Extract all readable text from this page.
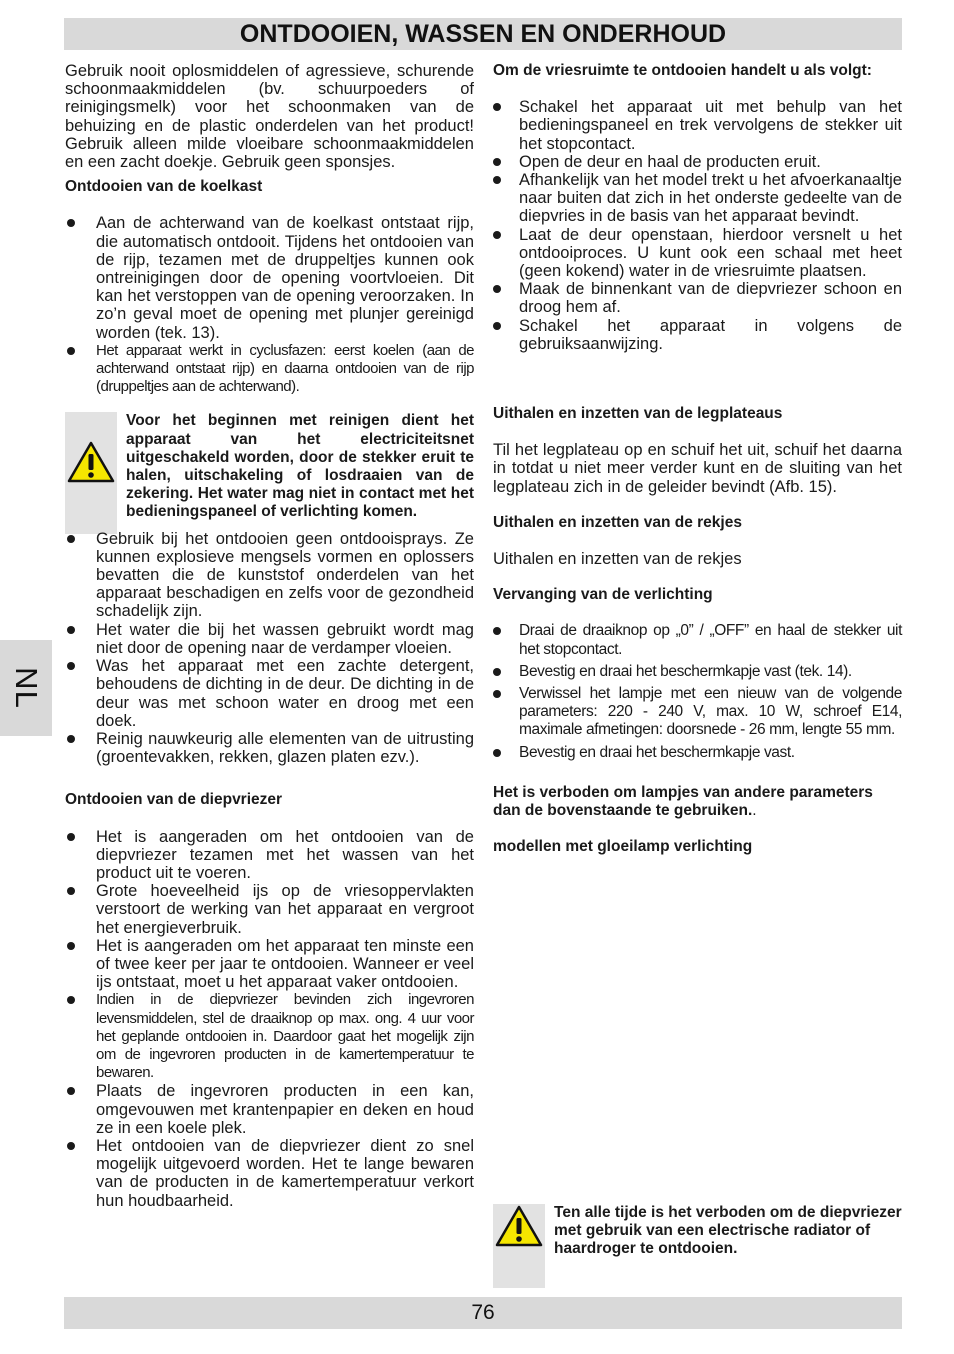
ONTDOOIEN, WASSEN EN ONDERHOUD
NL

Gebruik nooit oplosmiddelen of agressieve, schurende schoonmaakmiddelen (bv. schuurpoeders of reinigingsmelk) voor het schoonmaken van de behuizing en de plastic onderdelen van het product! Gebruik alleen milde vloeibare schoonmaakmiddelen en een zacht doekje. Gebruik geen sponsjes.

Ontdooien van de koelkast

Aan de achterwand van de koelkast ontstaat rijp, die automatisch ontdooit. Tijdens het ontdooien van de rijp, tezamen met de druppeltjes kunnen ook ontreinigingen door de opening voortvloeien. Dit kan het verstoppen van de opening veroorzaken. In zo’n geval moet de opening met plunjer gereinigd worden (tek. 13).
Het apparaat werkt in cyclusfazen: eerst koelen (aan de achterwand ontstaat rijp) en daarna ontdooien van de rijp (druppeltjes aan de achterwand).

Voor het beginnen met reinigen dient het apparaat van het electriciteitsnet uitgeschakeld worden, door de stekker eruit te halen, uitschakeling of losdraaien van de zekering. Het water mag niet in contact met het bedieningspaneel of verlichting komen.

Gebruik bij het ontdooien geen ontdooisprays. Ze kunnen explosieve mengsels vormen en oplossers bevatten die de kunststof onderdelen van het apparaat beschadigen en zelfs voor de gezondheid schadelijk zijn.
Het water die bij het wassen gebruikt wordt mag niet door de opening naar de verdamper vloeien.
Was het apparaat met een zachte detergent, behoudens de dichting in de deur. De dichting in de deur was met schoon water en droog met een doek.
Reinig nauwkeurig alle elementen van de uitrusting (groentevakken, rekken, glazen platen ezv.).

Ontdooien van de diepvriezer

Het is aangeraden om het ontdooien van de diepvriezer tezamen met het wassen van het product uit te voeren.
Grote hoeveelheid ijs op de vriesoppervlakten verstoort de werking van het apparaat en vergroot het energieverbruik.
Het is aangeraden om het apparaat ten minste een of twee keer per jaar te ontdooien. Wanneer er veel ijs ontstaat, moet u het apparaat vaker ontdooien.
Indien in de diepvriezer bevinden zich ingevroren levensmiddelen, stel de draaiknop op max. ong. 4 uur voor het geplande ontdooien in. Daardoor gaat het mogelijk zijn om de ingevroren producten in de kamertemperatuur te bewaren.
Plaats de ingevroren producten in een kan, omgevouwen met krantenpapier en deken en houd ze in een koele plek.
Het ontdooien van de diepvriezer dient zo snel mogelijk uitgevoerd worden. Het te lange bewaren van de producten in de kamertemperatuur verkort hun houdbaarheid.

Om de vriesruimte te ontdooien handelt u als volgt:

Schakel het apparaat uit met behulp van het bedieningspaneel en trek vervolgens de stekker uit het stopcontact.
Open de deur en haal de producten eruit.
Afhankelijk van het model trekt u het afvoerkanaaltje naar buiten dat zich in het onderste gedeelte van de diepvries in de basis van het apparaat bevindt.
Laat de deur openstaan, hierdoor versnelt u het ontdooiproces. U kunt ook een schaal met heet (geen kokend) water in de vriesruimte plaatsen.
Maak de binnenkant van de diepvriezer schoon en droog hem af.
Schakel het apparaat in volgens de gebruiksaanwijzing.

Uithalen en inzetten van de legplateaus

Til het legplateau op en schuif het uit, schuif het daarna in totdat u niet meer verder kunt en de sluiting van het legplateau zich in de geleider bevindt (Afb. 15).

Uithalen en inzetten van de rekjes

Uithalen en inzetten van de rekjes

Vervanging van de verlichting

Draai de draaiknop op „0” / „OFF” en haal de stekker uit het stopcontact.
Bevestig en draai het beschermkapje vast (tek. 14).
Verwissel het lampje met een nieuw van de volgende parameters: 220 - 240 V, max. 10 W, schroef E14, maximale afmetingen: doorsnede - 26 mm, lengte 55 mm.
Bevestig en draai het beschermkapje vast.

Het is verboden om lampjes van andere parameters dan de bovenstaande te gebruiken..

modellen met gloeilamp verlichting

Ten alle tijde is het verboden om de diepvriezer met gebruik van een electrische radiator of haardroger te ontdooien.

76
